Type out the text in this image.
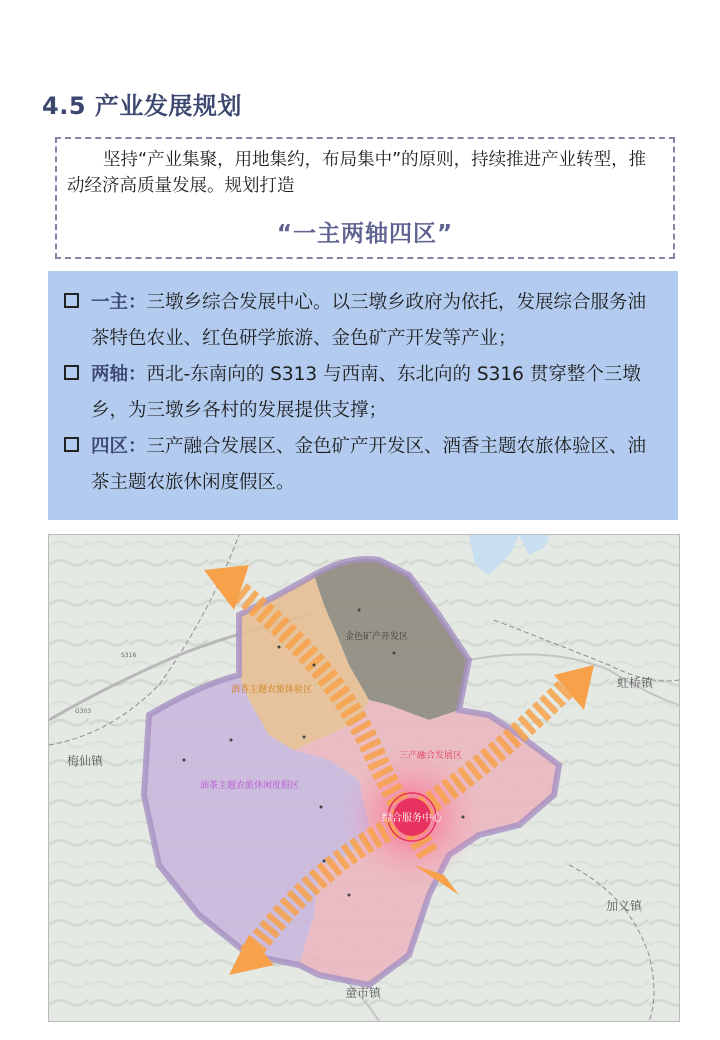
4.5 产业发展规划

坚持“产业集聚，用地集约，布局集中”的原则，持续推进产业转型，推动经济高质量发展。规划打造

“一主两轴四区”
一主：三墩乡综合发展中心。以三墩乡政府为依托，发展综合服务油茶特色农业、红色研学旅游、金色矿产开发等产业；
两轴：西北-东南向的 S313 与西南、东北向的 S316 贯穿整个三墩乡，为三墩乡各村的发展提供支撑；
四区：三产融合发展区、金色矿产开发区、酒香主题农旅体验区、油茶主题农旅休闲度假区。
S316
G303
综合服务中心
金色矿产开发区
酒香主题农旅体验区
三产融合发展区
油茶主题农旅休闲度假区
虹桥镇
梅仙镇
加义镇
童市镇
